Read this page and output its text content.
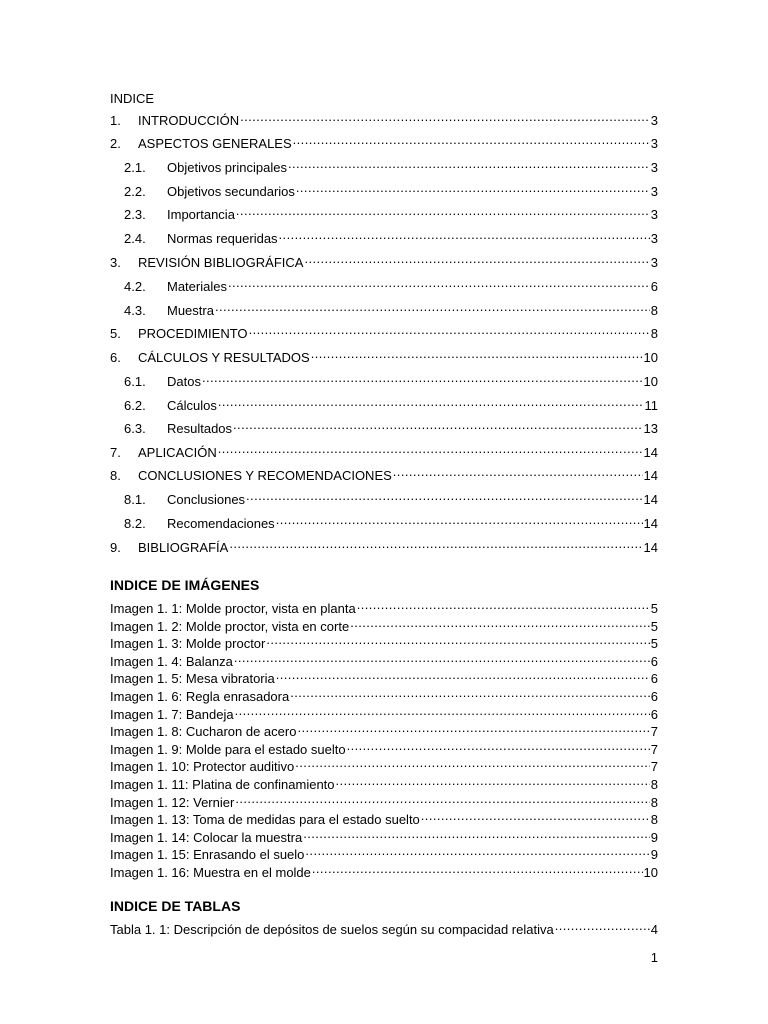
INDICE
1.	INTRODUCCIÓN .....	3
2.	ASPECTOS GENERALES .....	3
2.1.	Objetivos principales .....	3
2.2.	Objetivos secundarios .....	3
2.3.	Importancia .....	3
2.4.	Normas requeridas .....	3
3.	REVISIÓN BIBLIOGRÁFICA .....	3
4.2.	Materiales .....	6
4.3.	Muestra .....	8
5.	PROCEDIMIENTO .....	8
6.	CÁLCULOS Y RESULTADOS .....	10
6.1.	Datos .....	10
6.2.	Cálculos .....	11
6.3.	Resultados .....	13
7.	APLICACIÓN .....	14
8.	CONCLUSIONES Y RECOMENDACIONES .....	14
8.1.	Conclusiones .....	14
8.2.	Recomendaciones .....	14
9.	BIBLIOGRAFÍA .....	14
INDICE DE IMÁGENES
Imagen 1. 1: Molde proctor, vista en planta .....	5
Imagen 1. 2: Molde proctor, vista en corte .....	5
Imagen 1. 3: Molde proctor .....	5
Imagen 1. 4: Balanza .....	6
Imagen 1. 5: Mesa vibratoria .....	6
Imagen 1. 6: Regla enrasadora .....	6
Imagen 1. 7: Bandeja .....	6
Imagen 1. 8: Cucharon de acero .....	7
Imagen 1. 9: Molde para el estado suelto .....	7
Imagen 1. 10: Protector auditivo .....	7
Imagen 1. 11: Platina de confinamiento .....	8
Imagen 1. 12: Vernier .....	8
Imagen 1. 13: Toma de medidas para el estado suelto .....	8
Imagen 1. 14: Colocar la muestra .....	9
Imagen 1. 15: Enrasando el suelo .....	9
Imagen 1. 16: Muestra en el molde .....	10
INDICE DE TABLAS
Tabla 1. 1: Descripción de depósitos de suelos según su compacidad relativa .....	4
1
